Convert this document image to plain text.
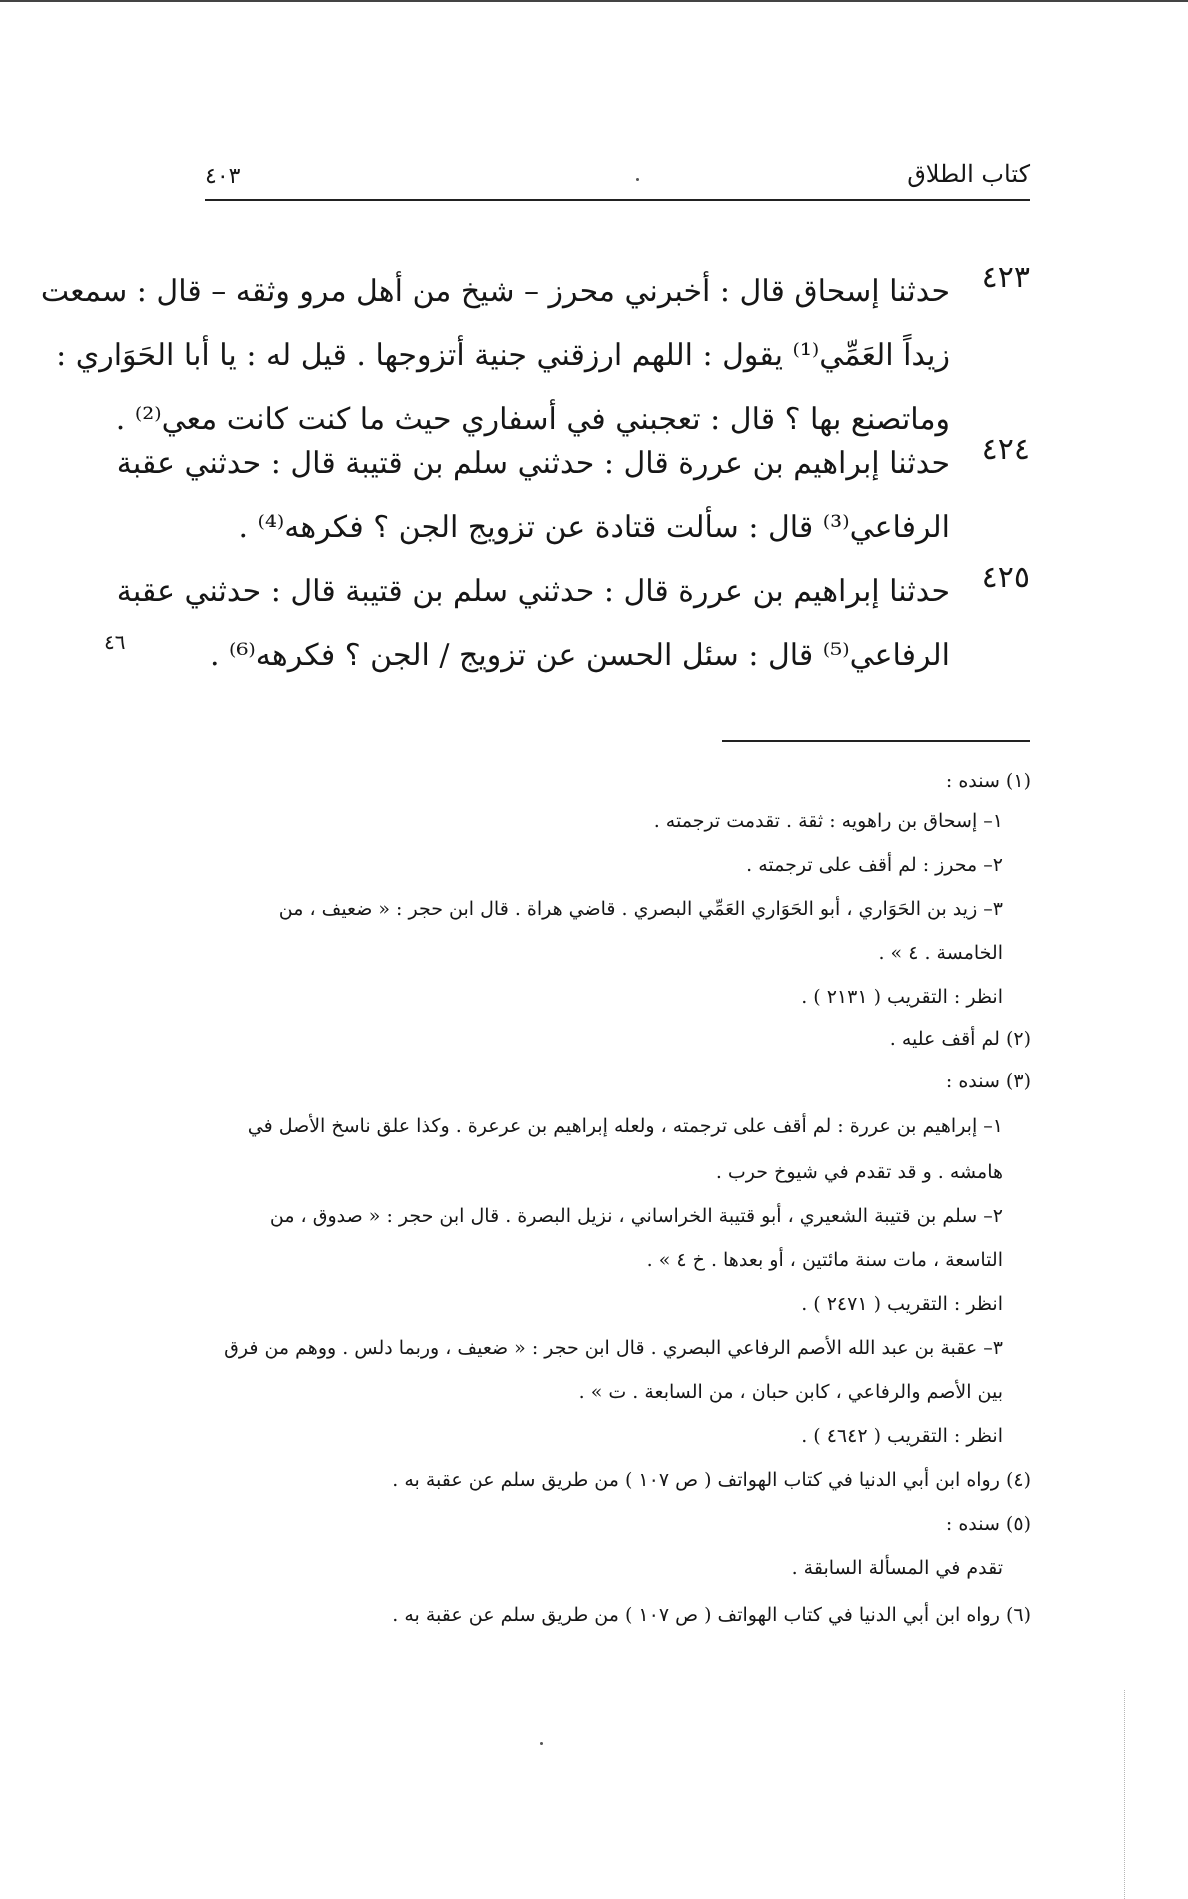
كتاب الطلاق
٤٠٣
٤٢٣
حدثنا إسحاق قال : أخبرني محرز – شيخ من أهل مرو وثقه – قال : سمعت
زيداً العَمِّي⁽¹⁾ يقول : اللهم ارزقني جنية أتزوجها . قيل له : يا أبا الحَوَاري :
وماتصنع بها ؟ قال : تعجبني في أسفاري حيث ما كنت كانت معي⁽²⁾ .
٤٢٤
حدثنا إبراهيم بن عررة قال : حدثني سلم بن قتيبة قال : حدثني عقبة
الرفاعي⁽³⁾ قال : سألت قتادة عن تزويج الجن ؟ فكرهه⁽⁴⁾ .
٤٢٥
حدثنا إبراهيم بن عررة قال : حدثني سلم بن قتيبة قال : حدثني عقبة
الرفاعي⁽⁵⁾ قال : سئل الحسن عن تزويج / الجن ؟ فكرهه⁽⁶⁾ .
٤٦
(١) سنده :
١– إسحاق بن راهويه : ثقة . تقدمت ترجمته .
٢– محرز : لم أقف على ترجمته .
٣– زيد بن الحَوَاري ، أبو الحَوَاري العَمِّي البصري . قاضي هراة . قال ابن حجر : « ضعيف ، من
الخامسة . ٤ » .
انظر : التقريب ( ٢١٣١ ) .
(٢) لم أقف عليه .
(٣) سنده :
١– إبراهيم بن عررة : لم أقف على ترجمته ، ولعله إبراهيم بن عرعرة . وكذا علق ناسخ الأصل في
هامشه . و قد تقدم في شيوخ حرب .
٢– سلم بن قتيبة الشعيري ، أبو قتيبة الخراساني ، نزيل البصرة . قال ابن حجر : « صدوق ، من
التاسعة ، مات سنة مائتين ، أو بعدها . خ ٤ » .
انظر : التقريب ( ٢٤٧١ ) .
٣– عقبة بن عبد الله الأصم الرفاعي البصري . قال ابن حجر : « ضعيف ، وربما دلس . ووهم من فرق
بين الأصم والرفاعي ، كابن حبان ، من السابعة . ت » .
انظر : التقريب ( ٤٦٤٢ ) .
(٤) رواه ابن أبي الدنيا في كتاب الهواتف ( ص ١٠٧ ) من طريق سلم عن عقبة به .
(٥) سنده :
تقدم في المسألة السابقة .
(٦) رواه ابن أبي الدنيا في كتاب الهواتف ( ص ١٠٧ ) من طريق سلم عن عقبة به .
